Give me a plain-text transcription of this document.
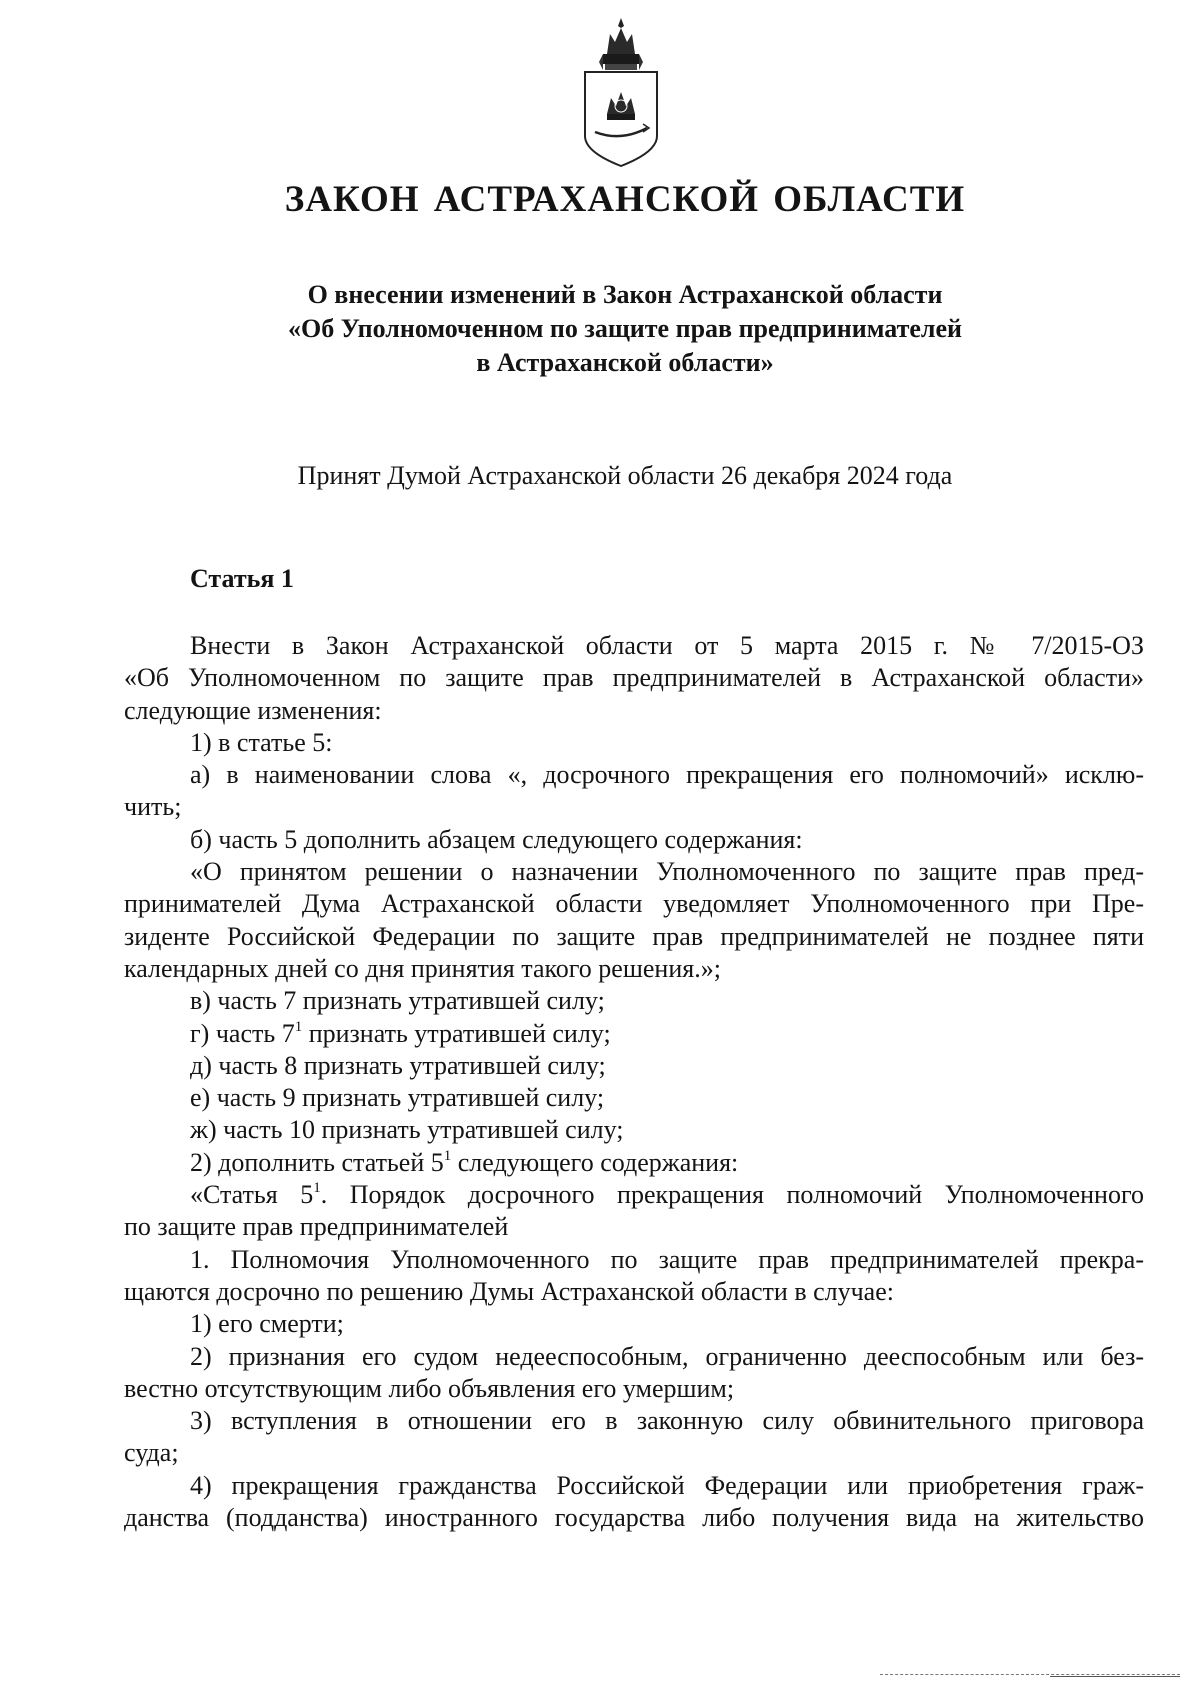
ЗАКОН АСТРАХАНСКОЙ ОБЛАСТИ
О внесении изменений в Закон Астраханской области
«Об Уполномоченном по защите прав предпринимателей
в Астраханской области»
Принят Думой Астраханской области 26 декабря 2024 года
Статья 1
Внести в Закон Астраханской области от 5 марта 2015 г. № 7/2015-ОЗ
«Об Уполномоченном по защите прав предпринимателей в Астраханской области»
следующие изменения:
1) в статье 5:
а) в наименовании слова «, досрочного прекращения его полномочий» исклю-
чить;
б) часть 5 дополнить абзацем следующего содержания:
«О принятом решении о назначении Уполномоченного по защите прав пред-
принимателей Дума Астраханской области уведомляет Уполномоченного при Пре-
зиденте Российской Федерации по защите прав предпринимателей не позднее пяти
календарных дней со дня принятия такого решения.»;
в) часть 7 признать утратившей силу;
г) часть $7^1$ признать утратившей силу;
д) часть 8 признать утратившей силу;
е) часть 9 признать утратившей силу;
ж) часть 10 признать утратившей силу;
2) дополнить статьей $5^1$ следующего содержания:
«Статья $5^1$. Порядок досрочного прекращения полномочий Уполномоченного
по защите прав предпринимателей
1. Полномочия Уполномоченного по защите прав предпринимателей прекра-
щаются досрочно по решению Думы Астраханской области в случае:
1) его смерти;
2) признания его судом недееспособным, ограниченно дееспособным или без-
вестно отсутствующим либо объявления его умершим;
3) вступления в отношении его в законную силу обвинительного приговора
суда;
4) прекращения гражданства Российской Федерации или приобретения граж-
данства (подданства) иностранного государства либо получения вида на жительство
